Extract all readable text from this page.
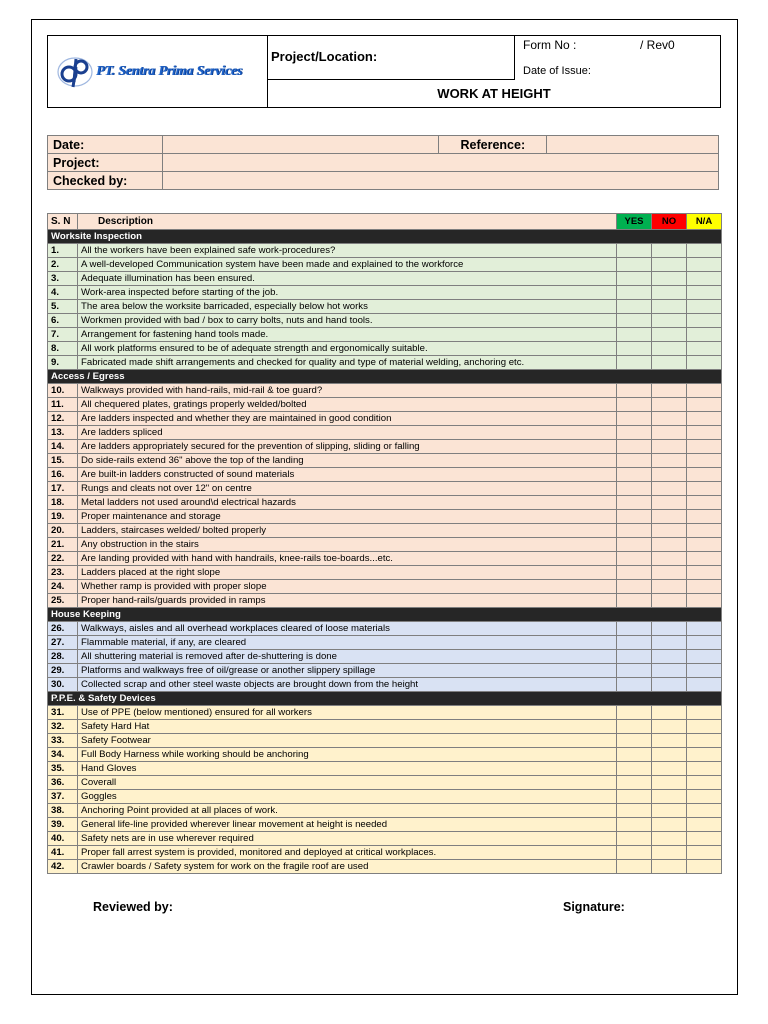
PT. Sentra Prima Services
Project/Location:
Form No :	/ Rev0
Date of Issue:
WORK AT HEIGHT
Date:		Reference:	
Project:			
Checked by:			
S. N	Description	YES	NO	N/A
Worksite Inspection				
1.	All the workers have been explained safe work-procedures?			
2.	A well-developed Communication system have been made and explained to the workforce			
3.	Adequate illumination has been ensured.			
4.	Work-area inspected before starting of the job.			
5.	The area below the worksite barricaded, especially below hot works			
6.	Workmen provided with bad / box to carry bolts, nuts and hand tools.			
7.	Arrangement for fastening hand tools made.			
8.	All work platforms ensured to be of adequate strength and ergonomically suitable.			
9.	Fabricated made shift arrangements and checked for quality and type of material welding, anchoring etc.			
Access / Egress				
10.	Walkways provided with hand-rails, mid-rail & toe guard?			
11.	All chequered plates, gratings properly welded/bolted			
12.	Are ladders inspected and whether they are maintained in good condition			
13.	Are ladders spliced			
14.	Are ladders appropriately secured for the prevention of slipping, sliding or falling			
15.	Do side-rails extend 36" above the top of the landing			
16.	Are built-in ladders constructed of sound materials			
17.	Rungs and cleats not over 12" on centre			
18.	Metal ladders not used around\d electrical hazards			
19.	Proper maintenance and storage			
20.	Ladders, staircases welded/ bolted properly			
21.	Any obstruction in the stairs			
22.	Are landing provided with hand with handrails, knee-rails toe-boards...etc.			
23.	Ladders placed at the right slope			
24.	Whether ramp is provided with proper slope			
25.	Proper hand-rails/guards provided in ramps			
House Keeping				
26.	Walkways, aisles and all overhead workplaces cleared of loose materials			
27.	Flammable material, if any, are cleared			
28.	All shuttering material is removed after de-shuttering is done			
29.	Platforms and walkways free of oil/grease or another slippery spillage			
30.	Collected scrap and other steel waste objects are brought down from the height			
P.P.E. & Safety Devices				
31.	Use of PPE (below mentioned) ensured for all workers			
32.	Safety Hard Hat			
33.	Safety Footwear			
34.	Full Body Harness while working should be anchoring			
35.	Hand Gloves			
36.	Coverall			
37.	Goggles			
38.	Anchoring Point provided at all places of work.			
39.	General life-line provided wherever linear movement at height is needed			
40.	Safety nets are in use wherever required			
41.	Proper fall arrest system is provided, monitored and deployed at critical workplaces.			
42.	Crawler boards / Safety system for work on the fragile roof are used			
Reviewed by:	Signature:
